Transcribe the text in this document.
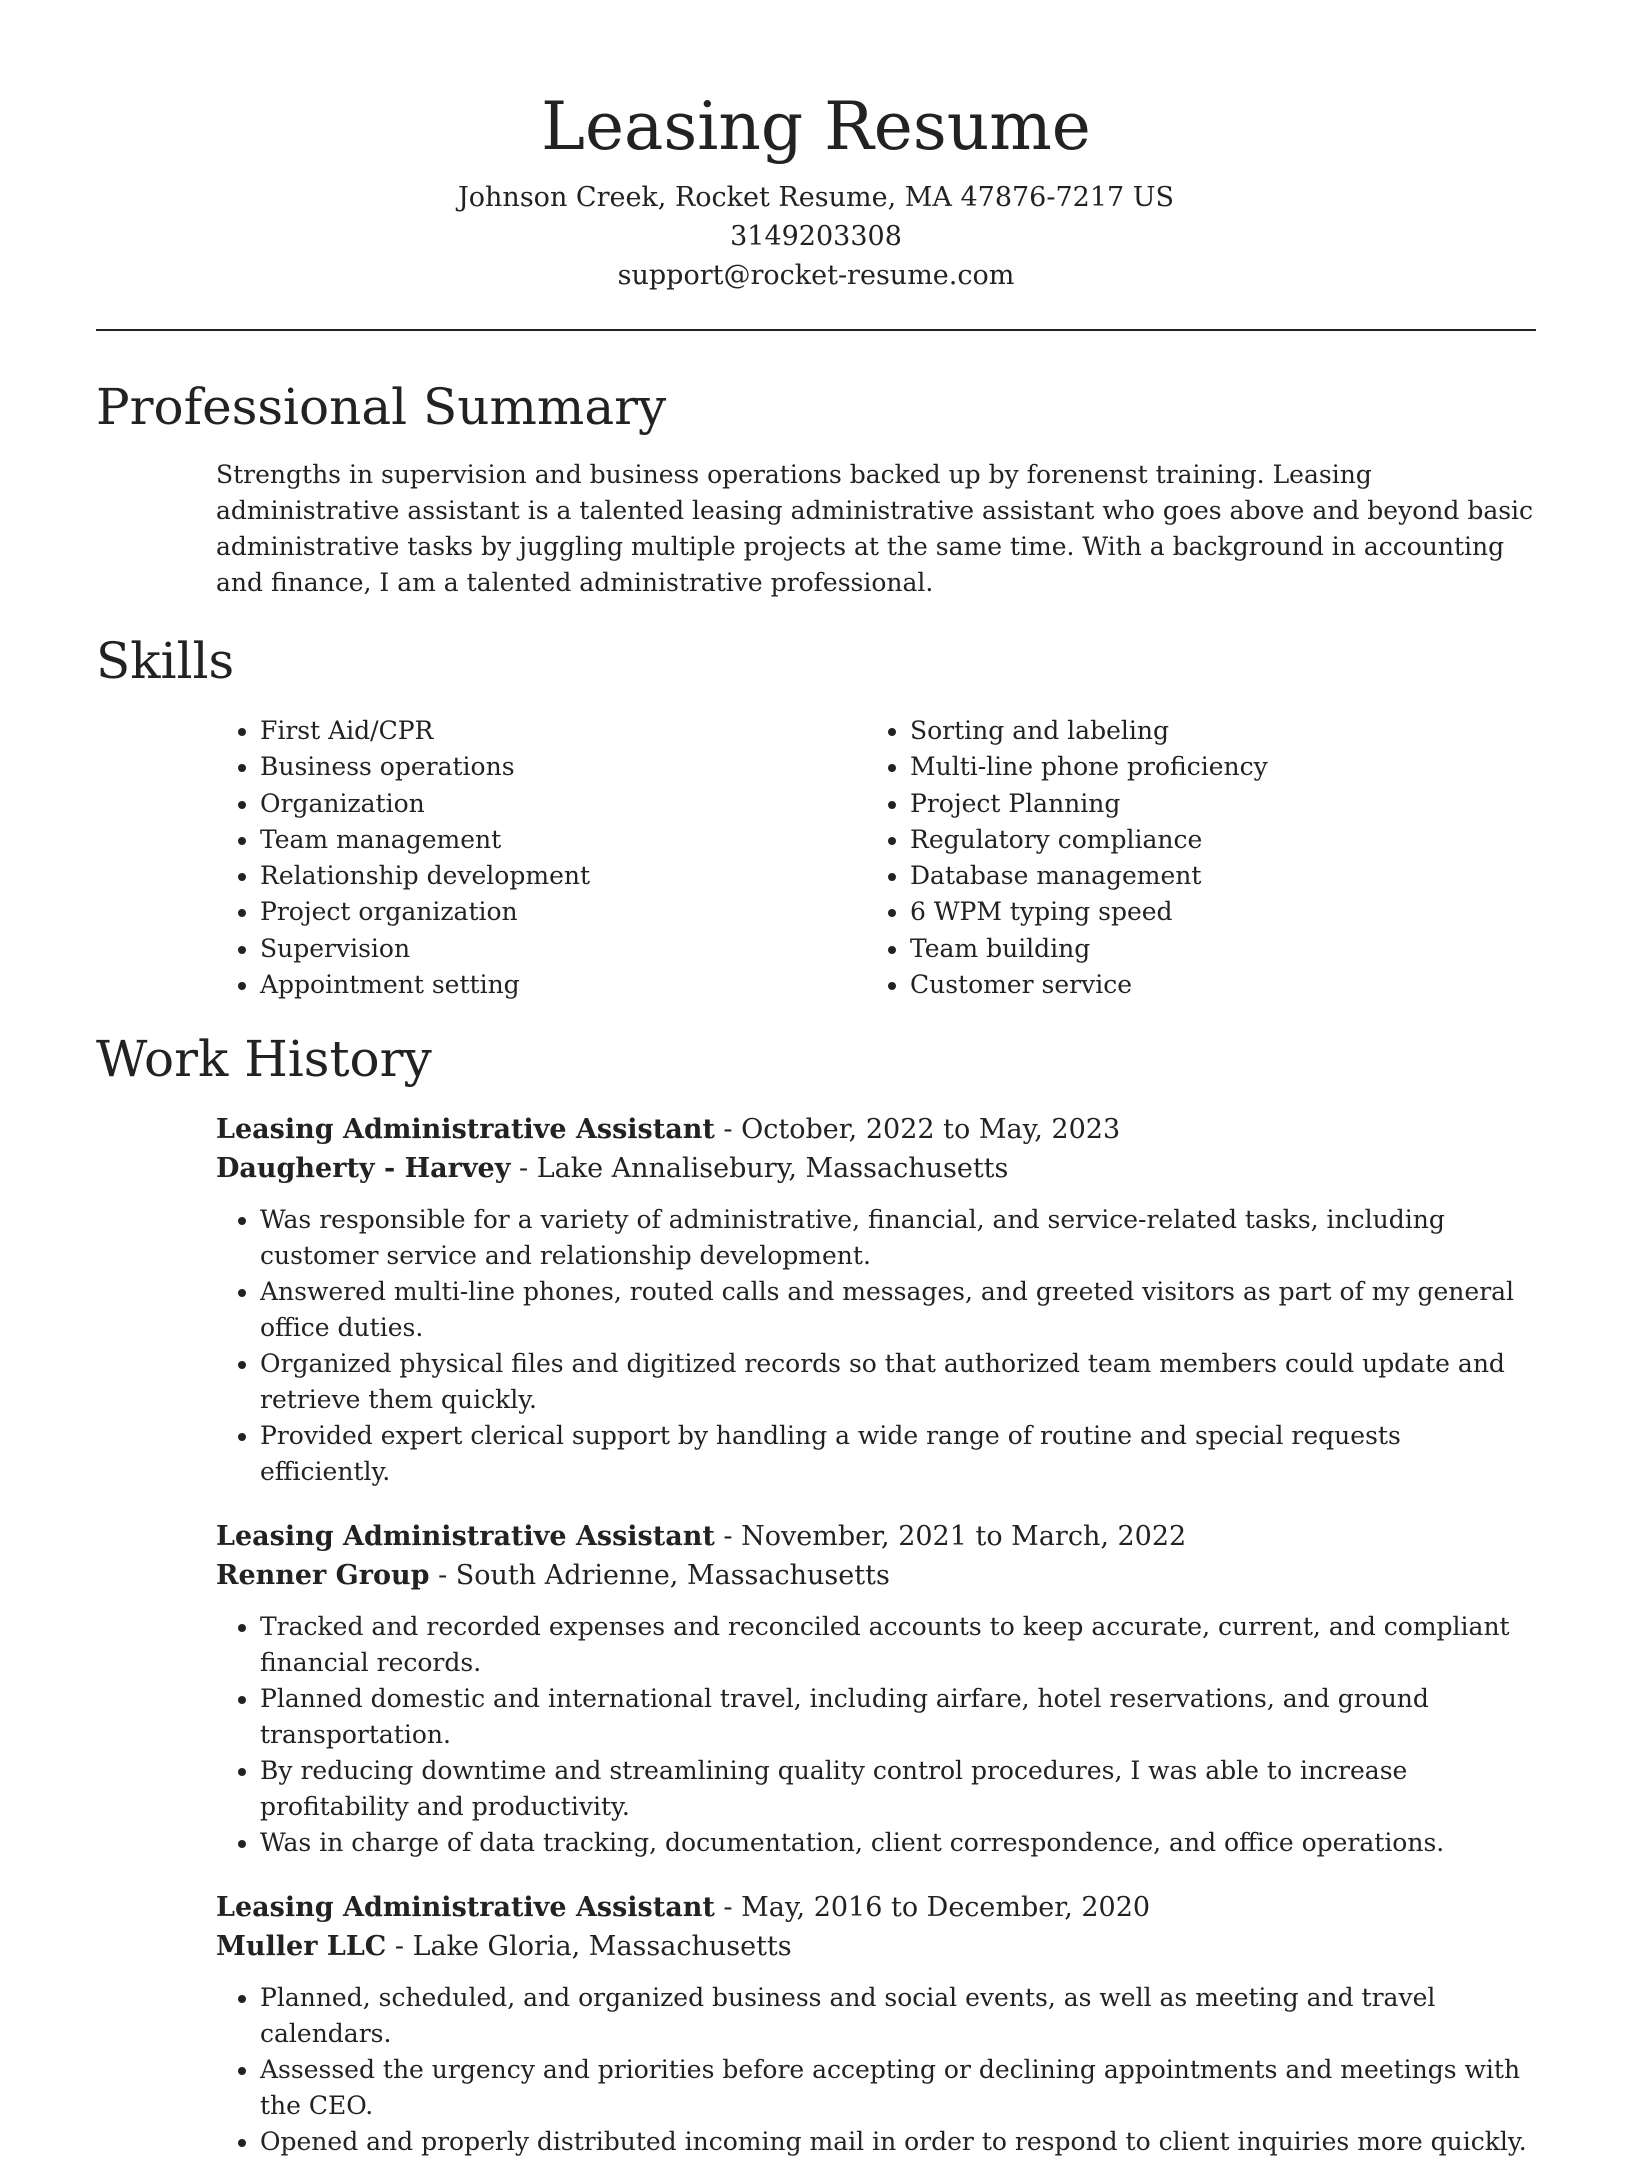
Leasing Resume

Johnson Creek, Rocket Resume, MA 47876-7217 US

3149203308

support@rocket-resume.com

Professional Summary

Strengths in supervision and business operations backed up by forenenst training. Leasing administrative assistant is a talented leasing administrative assistant who goes above and beyond basic administrative tasks by juggling multiple projects at the same time. With a background in accounting and finance, I am a talented administrative professional.

Skills
• First Aid/CPR
• Business operations
• Organization
• Team management
• Relationship development
• Project organization
• Supervision
• Appointment setting
• Sorting and labeling
• Multi-line phone proficiency
• Project Planning
• Regulatory compliance
• Database management
• 6 WPM typing speed
• Team building
• Customer service
Work History
Leasing Administrative Assistant - October, 2022 to May, 2023
Daugherty - Harvey - Lake Annalisebury, Massachusetts
• Was responsible for a variety of administrative, financial, and service-related tasks, including customer service and relationship development.
• Answered multi-line phones, routed calls and messages, and greeted visitors as part of my general office duties.
• Organized physical files and digitized records so that authorized team members could update and retrieve them quickly.
• Provided expert clerical support by handling a wide range of routine and special requests efficiently.
Leasing Administrative Assistant - November, 2021 to March, 2022
Renner Group - South Adrienne, Massachusetts
• Tracked and recorded expenses and reconciled accounts to keep accurate, current, and compliant financial records.
• Planned domestic and international travel, including airfare, hotel reservations, and ground transportation.
• By reducing downtime and streamlining quality control procedures, I was able to increase profitability and productivity.
• Was in charge of data tracking, documentation, client correspondence, and office operations.
Leasing Administrative Assistant - May, 2016 to December, 2020
Muller LLC - Lake Gloria, Massachusetts
• Planned, scheduled, and organized business and social events, as well as meeting and travel calendars.
• Assessed the urgency and priorities before accepting or declining appointments and meetings with the CEO.
• Opened and properly distributed incoming mail in order to respond to client inquiries more quickly.
